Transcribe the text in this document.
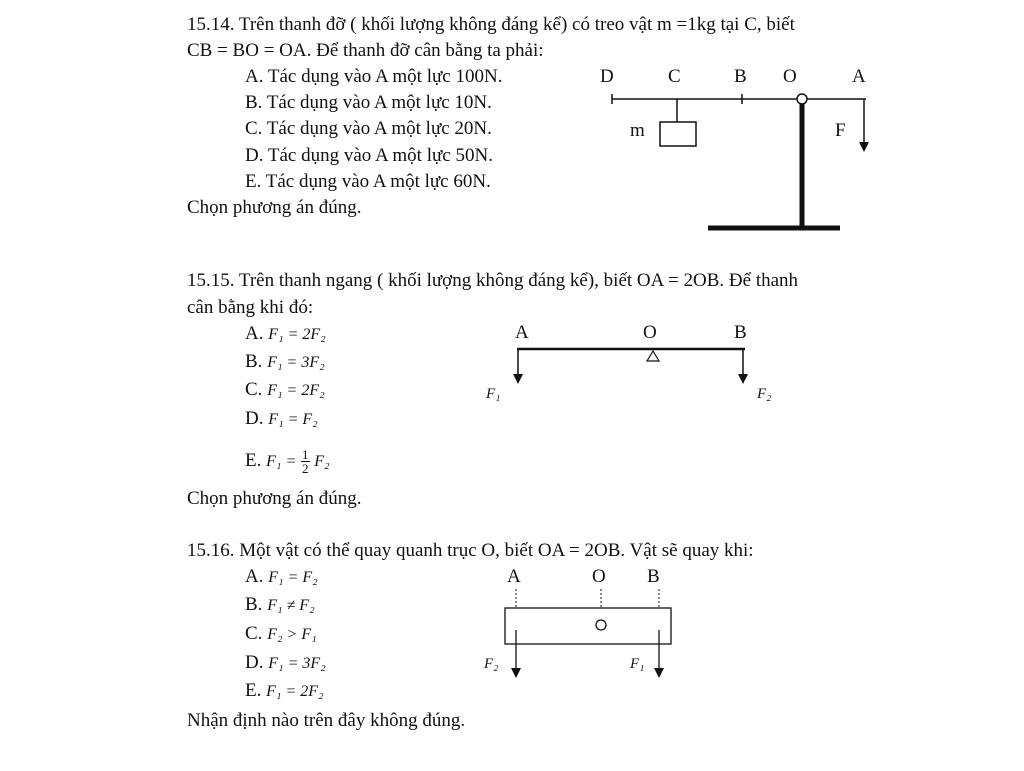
15.14. Trên thanh đỡ ( khối lượng không đáng kể) có treo vật m =1kg tại C, biết
CB = BO = OA. Để thanh đỡ cân bằng ta phải:
A. Tác dụng vào A một lực 100N.
B. Tác dụng vào A một lực 10N.
C. Tác dụng vào A một lực 20N.
D. Tác dụng vào A một lực 50N.
E. Tác dụng vào A một lực 60N.
Chọn phương án đúng.
D	C	B O	A
m	F
15.15. Trên thanh ngang ( khối lượng không đáng kể), biết OA = 2OB. Để thanh
cân bằng khi đó:
A. F₁ = 2F₂
B. F₁ = 3F₂
C. F₁ = 2F₂
D. F₁ = F₂
E. $F_1 = \frac{1}{2} F_2$
Chọn phương án đúng.
A	O	B
F₁	F₂
15.16. Một vật có thể quay quanh trục O, biết OA = 2OB. Vật sẽ quay khi:
A. F₁ = F₂
B. F₁ ≠ F₂
C. F₂ > F₁
D. F₁ = 3F₂
E. F₁ = 2F₂
Nhận định nào trên đây không đúng.
A	O B
F₂	F₁
